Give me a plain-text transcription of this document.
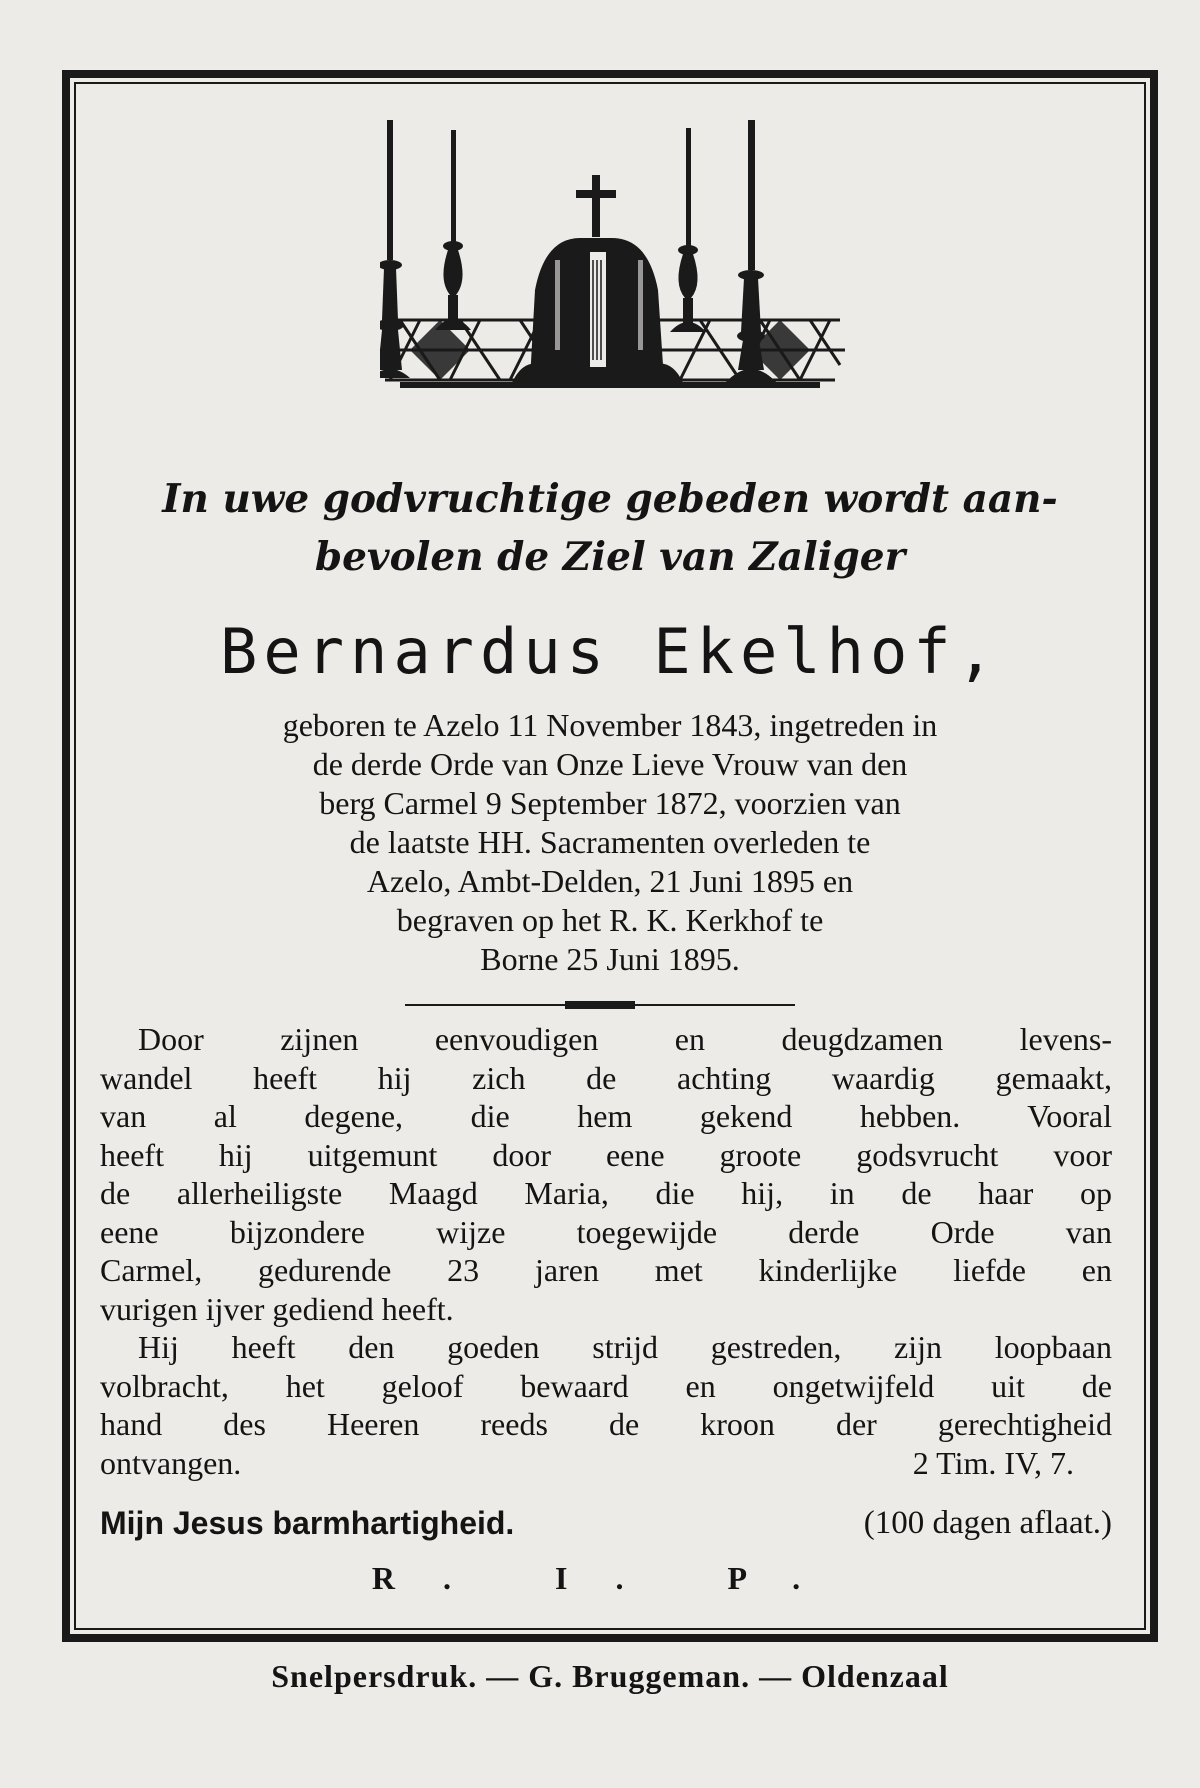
In uwe godvruchtige gebeden wordt aan-
bevolen de Ziel van Zaliger
Bernardus Ekelhof,
geboren te Azelo 11 November 1843, ingetreden in
de derde Orde van Onze Lieve Vrouw van den
berg Carmel 9 September 1872, voorzien van
de laatste HH. Sacramenten overleden te
Azelo, Ambt-Delden, 21 Juni 1895 en
begraven op het R. K. Kerkhof te
Borne 25 Juni 1895.
Door zijnen eenvoudigen en deugdzamen levens-
wandel heeft hij zich de achting waardig gemaakt,
van al degene, die hem gekend hebben. Vooral
heeft hij uitgemunt door eene groote godsvrucht voor
de allerheiligste Maagd Maria, die hij, in de haar op
eene bijzondere wijze toegewijde derde Orde van
Carmel, gedurende 23 jaren met kinderlijke liefde en
vurigen ijver gediend heeft.
Hij heeft den goeden strijd gestreden, zijn loopbaan
volbracht, het geloof bewaard en ongetwijfeld uit de
hand des Heeren reeds de kroon der gerechtigheid
ontvangen.	2 Tim. IV, 7.
Mijn Jesus barmhartigheid.	(100 dagen aflaat.)
R. I. P.
Snelpersdruk. — G. Bruggeman. — Oldenzaal
